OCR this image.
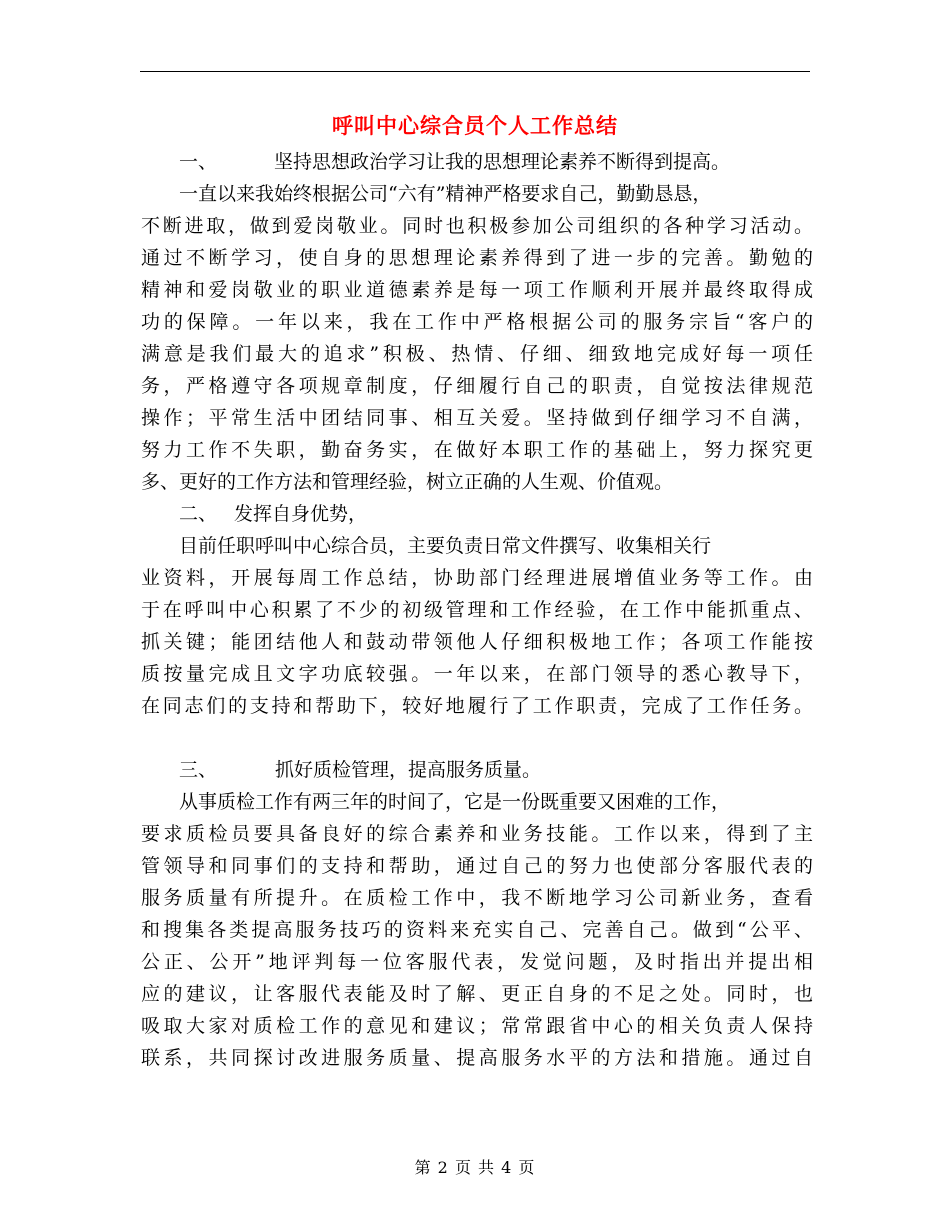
呼叫中心综合员个人工作总结
一、	坚持思想政治学习让我的思想理论素养不断得到提高。
一直以来我始终根据公司“六有”精神严格要求自己，勤勤恳恳，
不断进取，做到爱岗敬业。同时也积极参加公司组织的各种学习活动。
通过不断学习，使自身的思想理论素养得到了进一步的完善。勤勉的
精神和爱岗敬业的职业道德素养是每一项工作顺利开展并最终取得成
功的保障。一年以来，我在工作中严格根据公司的服务宗旨“客户的
满意是我们最大的追求”积极、热情、仔细、细致地完成好每一项任
务，严格遵守各项规章制度，仔细履行自己的职责，自觉按法律规范
操作；平常生活中团结同事、相互关爱。坚持做到仔细学习不自满，
努力工作不失职，勤奋务实，在做好本职工作的基础上，努力探究更
多、更好的工作方法和管理经验，树立正确的人生观、价值观。
二、 发挥自身优势，
目前任职呼叫中心综合员，主要负责日常文件撰写、收集相关行
业资料，开展每周工作总结，协助部门经理进展增值业务等工作。由
于在呼叫中心积累了不少的初级管理和工作经验，在工作中能抓重点、
抓关键；能团结他人和鼓动带领他人仔细积极地工作；各项工作能按
质按量完成且文字功底较强。一年以来，在部门领导的悉心教导下，
在同志们的支持和帮助下，较好地履行了工作职责，完成了工作任务。
三、	抓好质检管理，提高服务质量。
从事质检工作有两三年的时间了，它是一份既重要又困难的工作，
要求质检员要具备良好的综合素养和业务技能。工作以来，得到了主
管领导和同事们的支持和帮助，通过自己的努力也使部分客服代表的
服务质量有所提升。在质检工作中，我不断地学习公司新业务，查看
和搜集各类提高服务技巧的资料来充实自己、完善自己。做到“公平、
公正、公开”地评判每一位客服代表，发觉问题，及时指出并提出相
应的建议，让客服代表能及时了解、更正自身的不足之处。同时，也
吸取大家对质检工作的意见和建议；常常跟省中心的相关负责人保持
联系，共同探讨改进服务质量、提高服务水平的方法和措施。通过自
第 2 页 共 4 页
